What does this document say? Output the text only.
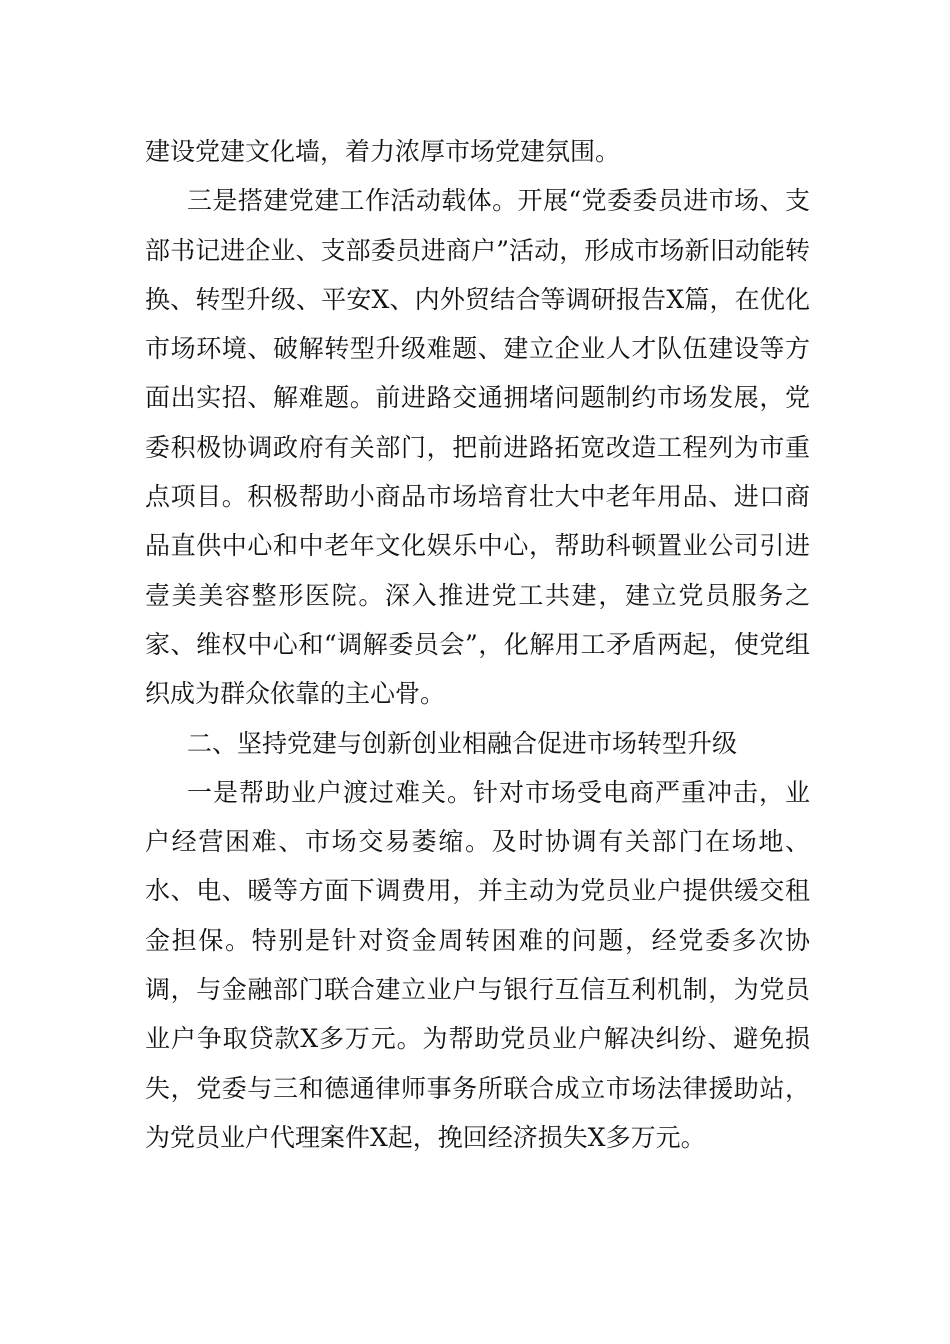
建设党建文化墙，着力浓厚市场党建氛围。

三是搭建党建工作活动载体。开展“党委委员进市场、支部书记进企业、支部委员进商户”活动，形成市场新旧动能转换、转型升级、平安X、内外贸结合等调研报告X篇，在优化市场环境、破解转型升级难题、建立企业人才队伍建设等方面出实招、解难题。前进路交通拥堵问题制约市场发展，党委积极协调政府有关部门，把前进路拓宽改造工程列为市重点项目。积极帮助小商品市场培育壮大中老年用品、进口商品直供中心和中老年文化娱乐中心，帮助科顿置业公司引进壹美美容整形医院。深入推进党工共建，建立党员服务之家、维权中心和“调解委员会”，化解用工矛盾两起，使党组织成为群众依靠的主心骨。

二、坚持党建与创新创业相融合促进市场转型升级

一是帮助业户渡过难关。针对市场受电商严重冲击，业户经营困难、市场交易萎缩。及时协调有关部门在场地、水、电、暖等方面下调费用，并主动为党员业户提供缓交租金担保。特别是针对资金周转困难的问题，经党委多次协调，与金融部门联合建立业户与银行互信互利机制，为党员业户争取贷款X多万元。为帮助党员业户解决纠纷、避免损失，党委与三和德通律师事务所联合成立市场法律援助站，为党员业户代理案件X起，挽回经济损失X多万元。
